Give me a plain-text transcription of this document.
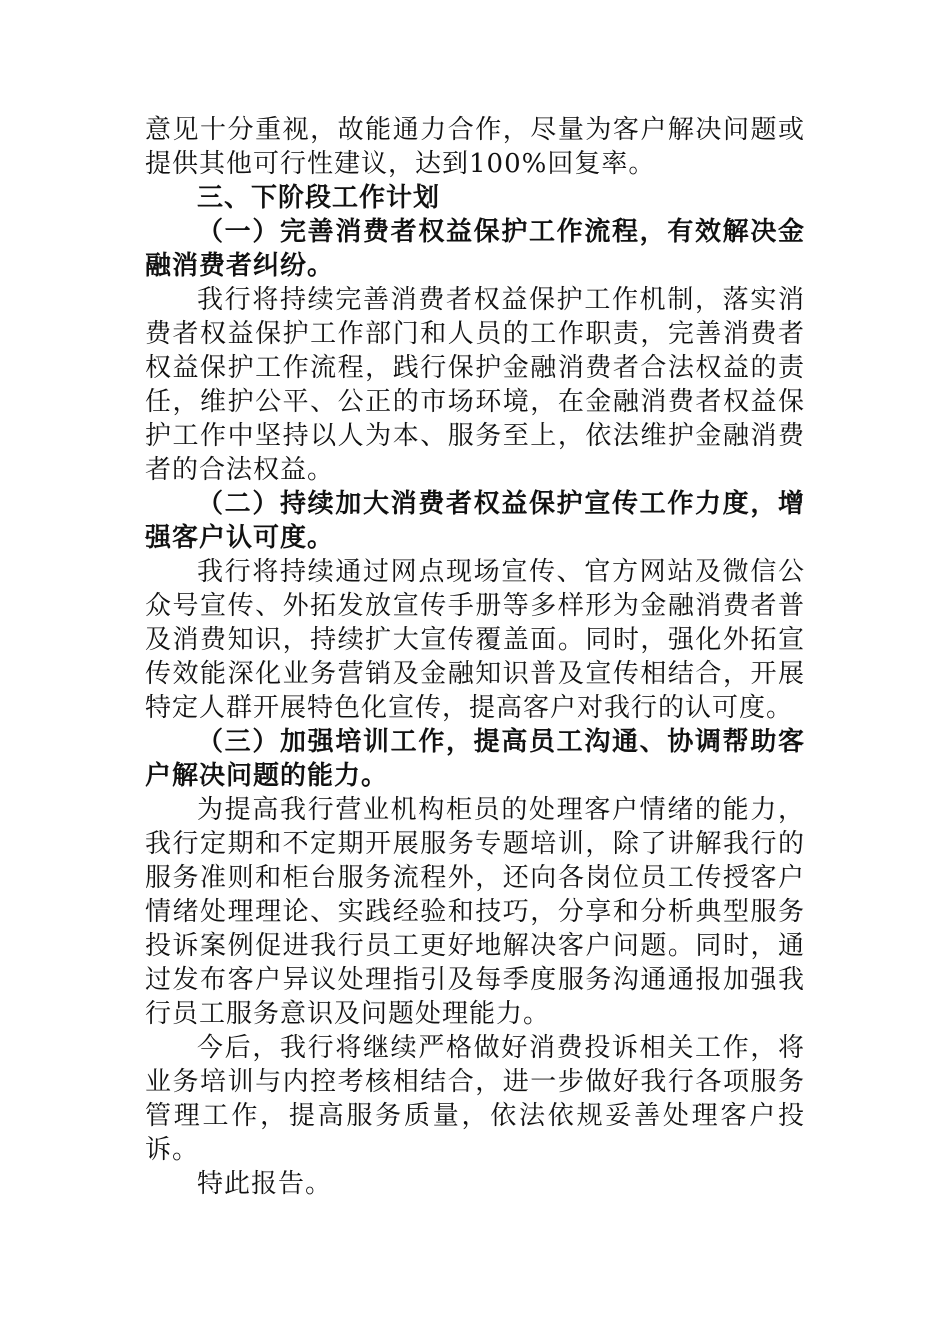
意见十分重视，故能通力合作，尽量为客户解决问题或提供其他可行性建议，达到100%回复率。

三、下阶段工作计划

（一）完善消费者权益保护工作流程，有效解决金融消费者纠纷。

我行将持续完善消费者权益保护工作机制，落实消费者权益保护工作部门和人员的工作职责，完善消费者权益保护工作流程，践行保护金融消费者合法权益的责任，维护公平、公正的市场环境，在金融消费者权益保护工作中坚持以人为本、服务至上，依法维护金融消费者的合法权益。

（二）持续加大消费者权益保护宣传工作力度，增强客户认可度。

我行将持续通过网点现场宣传、官方网站及微信公众号宣传、外拓发放宣传手册等多样形为金融消费者普及消费知识，持续扩大宣传覆盖面。同时，强化外拓宣传效能深化业务营销及金融知识普及宣传相结合，开展特定人群开展特色化宣传，提高客户对我行的认可度。

（三）加强培训工作，提高员工沟通、协调帮助客户解决问题的能力。

为提高我行营业机构柜员的处理客户情绪的能力，我行定期和不定期开展服务专题培训，除了讲解我行的服务准则和柜台服务流程外，还向各岗位员工传授客户情绪处理理论、实践经验和技巧，分享和分析典型服务投诉案例促进我行员工更好地解决客户问题。同时，通过发布客户异议处理指引及每季度服务沟通通报加强我行员工服务意识及问题处理能力。

今后，我行将继续严格做好消费投诉相关工作，将业务培训与内控考核相结合，进一步做好我行各项服务管理工作，提高服务质量，依法依规妥善处理客户投诉。

特此报告。
